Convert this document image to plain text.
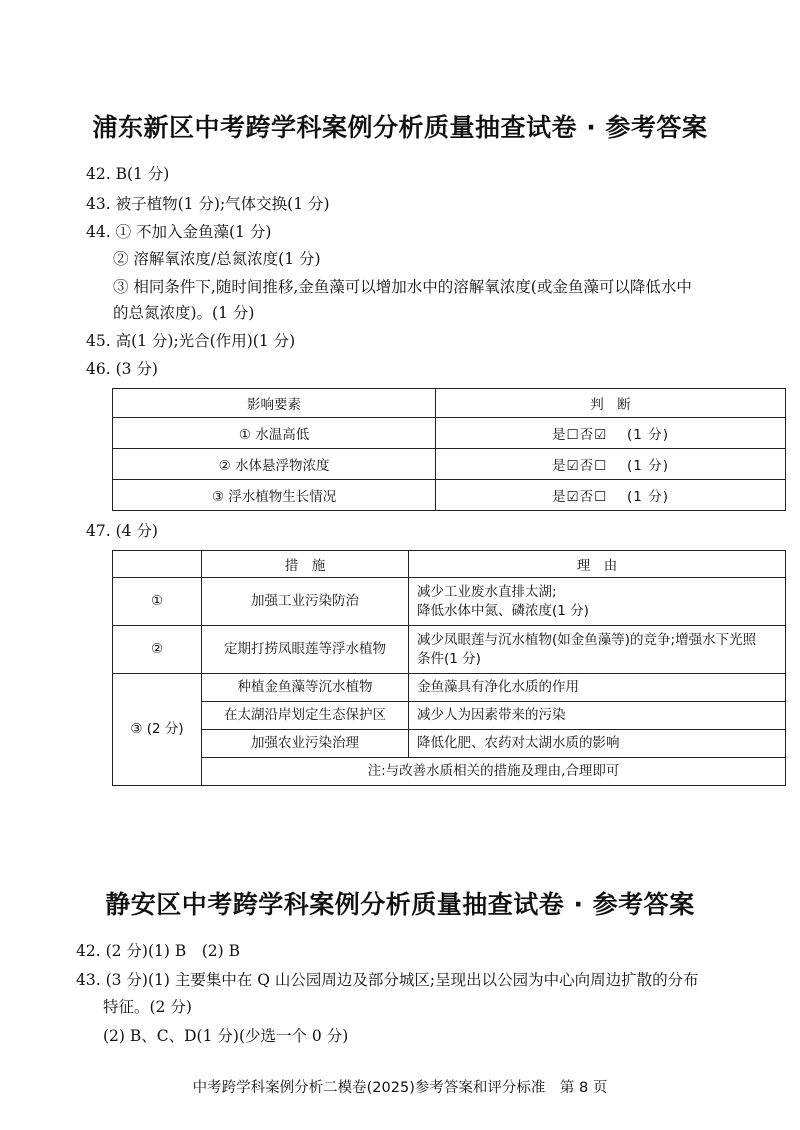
浦东新区中考跨学科案例分析质量抽查试卷 · 参考答案
42. B(1 分)
43. 被子植物(1 分);气体交换(1 分)
44. ① 不加入金鱼藻(1 分)
② 溶解氧浓度/总氮浓度(1 分)
③ 相同条件下,随时间推移,金鱼藻可以增加水中的溶解氧浓度(或金鱼藻可以降低水中
的总氮浓度)。(1 分)
45. 高(1 分);光合(作用)(1 分)
46. (3 分)
影响要素	判　断
① 水温高低	是☐否☑　 (1 分)
② 水体悬浮物浓度	是☑否☐　 (1 分)
③ 浮水植物生长情况	是☑否☐　 (1 分)
47. (4 分)
	措　施	理　由
①	加强工业污染防治	减少工业废水直排太湖;
降低水体中氮、磷浓度(1 分)
②	定期打捞凤眼莲等浮水植物	减少凤眼莲与沉水植物(如金鱼藻等)的竞争;增强水下光照
条件(1 分)
③ (2 分)	种植金鱼藻等沉水植物	金鱼藻具有净化水质的作用
	在太湖沿岸划定生态保护区	减少人为因素带来的污染
	加强农业污染治理	降低化肥、农药对太湖水质的影响
	注:与改善水质相关的措施及理由,合理即可	
静安区中考跨学科案例分析质量抽查试卷 · 参考答案
42. (2 分)(1) B　(2) B
43. (3 分)(1) 主要集中在 Q 山公园周边及部分城区;呈现出以公园为中心向周边扩散的分布
特征。(2 分)
(2) B、C、D(1 分)(少选一个 0 分)
中考跨学科案例分析二模卷(2025)参考答案和评分标准　第 8 页
